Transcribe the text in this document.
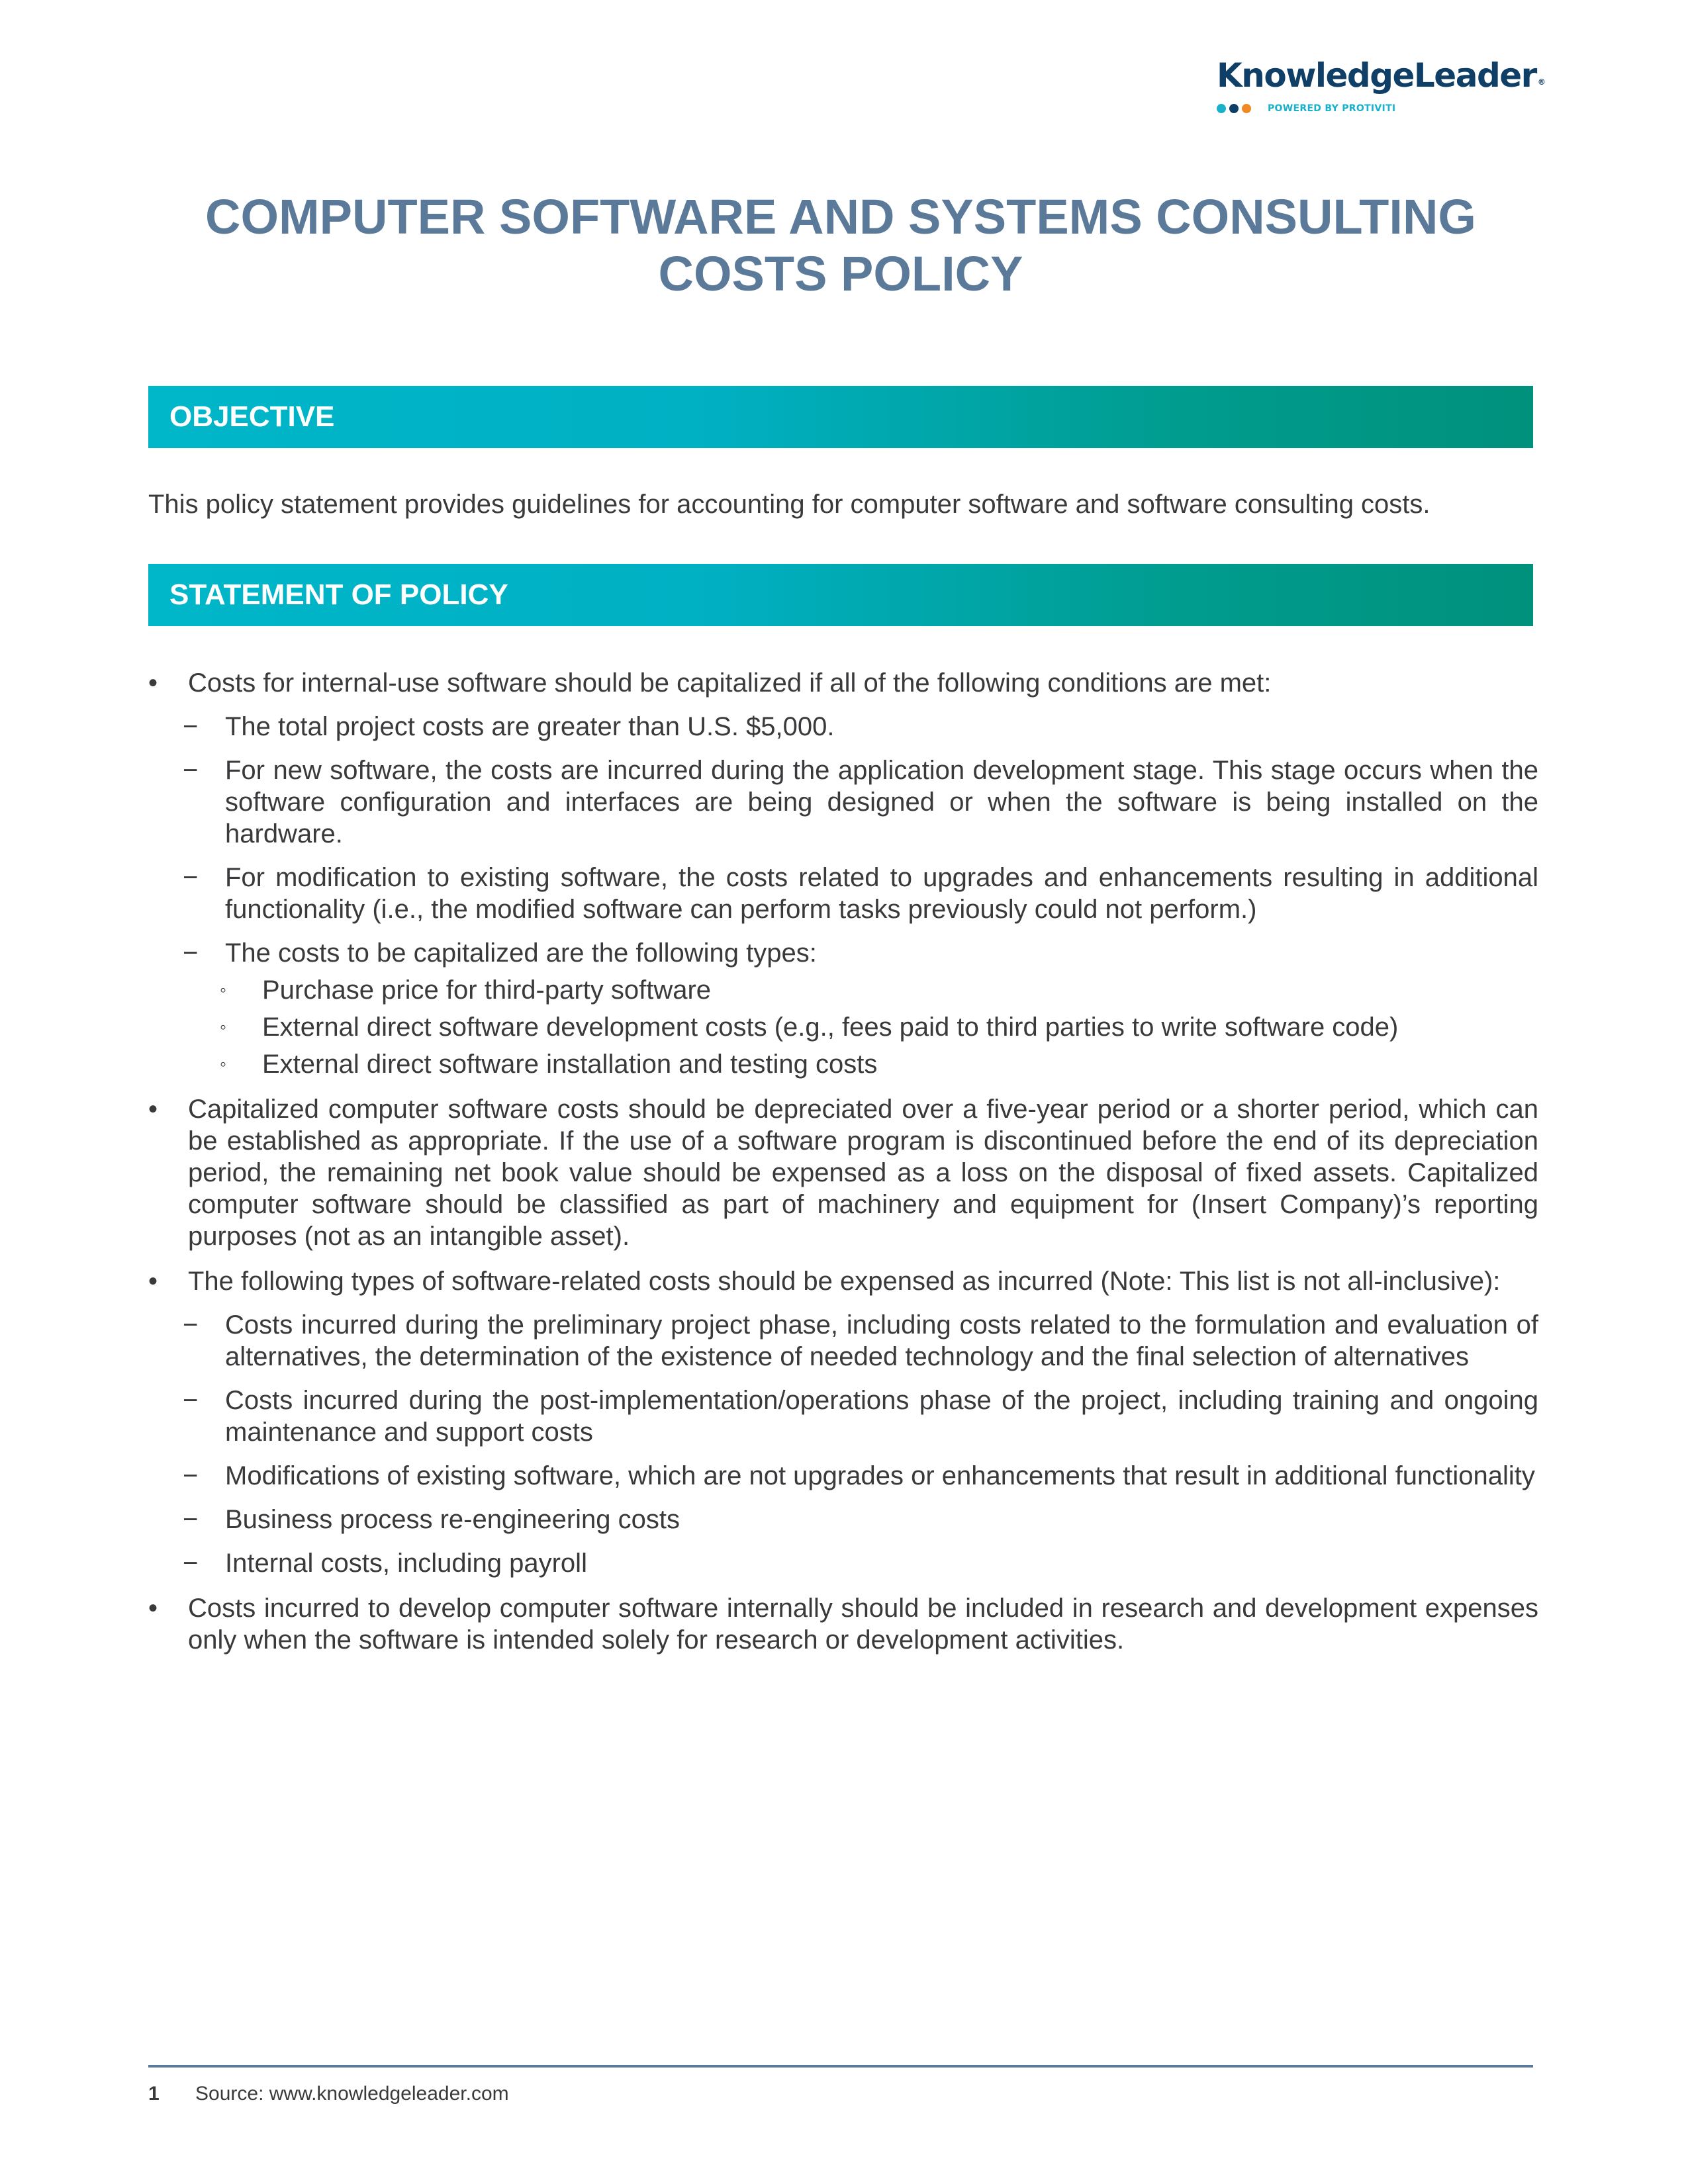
KnowledgeLeader ®
POWERED BY PROTIVITI
COMPUTER SOFTWARE AND SYSTEMS CONSULTING
COSTS POLICY
OBJECTIVE
This policy statement provides guidelines for accounting for computer software and software consulting costs.
STATEMENT OF POLICY
• Costs for internal-use software should be capitalized if all of the following conditions are met:
− The total project costs are greater than U.S. $5,000.
− For new software, the costs are incurred during the application development stage. This stage occurs when the software configuration and interfaces are being designed or when the software is being installed on the hardware.
− For modification to existing software, the costs related to upgrades and enhancements resulting in additional functionality (i.e., the modified software can perform tasks previously could not perform.)
− The costs to be capitalized are the following types:
◦ Purchase price for third-party software
◦ External direct software development costs (e.g., fees paid to third parties to write software code)
◦ External direct software installation and testing costs
• Capitalized computer software costs should be depreciated over a five-year period or a shorter period, which can be established as appropriate. If the use of a software program is discontinued before the end of its depreciation period, the remaining net book value should be expensed as a loss on the disposal of fixed assets. Capitalized computer software should be classified as part of machinery and equipment for (Insert Company)’s reporting purposes (not as an intangible asset).
• The following types of software-related costs should be expensed as incurred (Note: This list is not all-inclusive):
− Costs incurred during the preliminary project phase, including costs related to the formulation and evaluation of alternatives, the determination of the existence of needed technology and the final selection of alternatives
− Costs incurred during the post-implementation/operations phase of the project, including training and ongoing maintenance and support costs
− Modifications of existing software, which are not upgrades or enhancements that result in additional functionality
− Business process re-engineering costs
− Internal costs, including payroll
• Costs incurred to develop computer software internally should be included in research and development expenses only when the software is intended solely for research or development activities.
1 Source: www.knowledgeleader.com
